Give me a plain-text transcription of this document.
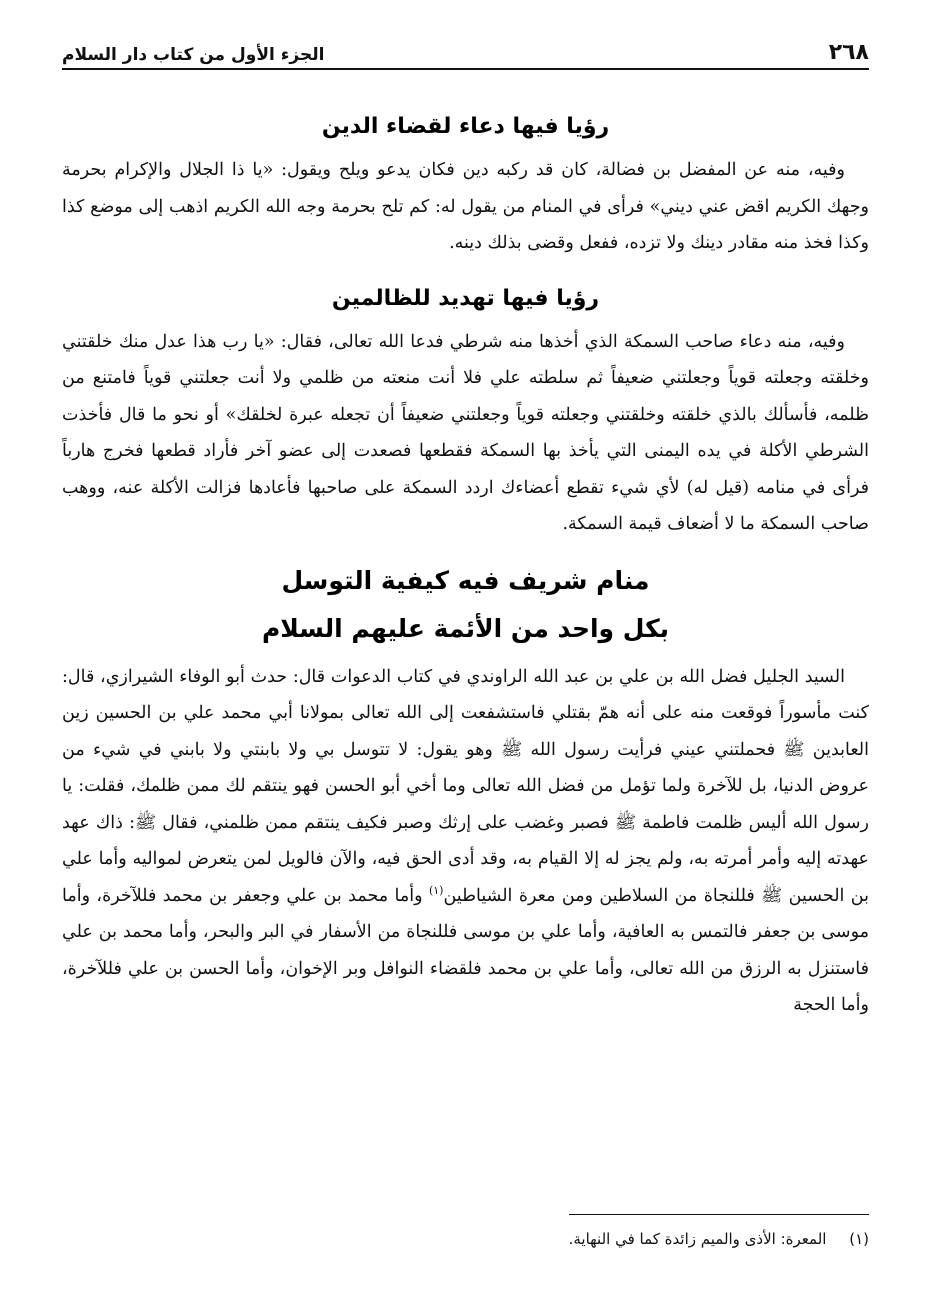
٢٦٨
الجزء الأول من كتاب دار السلام
رؤيا فيها دعاء لقضاء الدين

وفيه، منه عن المفضل بن فضالة، كان قد ركبه دين فكان يدعو ويلح ويقول: «يا ذا الجلال والإكرام بحرمة وجهك الكريم اقض عني ديني» فرأى في المنام من يقول له: كم تلح بحرمة وجه الله الكريم اذهب إلى موضع كذا وكذا فخذ منه مقادر دينك ولا تزده، ففعل وقضى بذلك دينه.

رؤيا فيها تهديد للظالمين

وفيه، منه دعاء صاحب السمكة الذي أخذها منه شرطي فدعا الله تعالى، فقال: «يا رب هذا عدل منك خلقتني وخلقته وجعلته قوياً وجعلتني ضعيفاً ثم سلطته علي فلا أنت منعته من ظلمي ولا أنت جعلتني قوياً فامتنع من ظلمه، فأسألك بالذي خلقته وخلقتني وجعلته قوياً وجعلتني ضعيفاً أن تجعله عبرة لخلقك» أو نحو ما قال فأخذت الشرطي الأكلة في يده اليمنى التي يأخذ بها السمكة فقطعها فصعدت إلى عضو آخر فأراد قطعها فخرج هارباً فرأى في منامه (قيل له) لأي شيء تقطع أعضاءك اردد السمكة على صاحبها فأعادها فزالت الأكلة عنه، ووهب صاحب السمكة ما لا أضعاف قيمة السمكة.

منام شريف فيه كيفية التوسل
بكل واحد من الأئمة عليهم السلام

السيد الجليل فضل الله بن علي بن عبد الله الراوندي في كتاب الدعوات قال: حدث أبو الوفاء الشيرازي، قال: كنت مأسوراً فوقعت منه على أنه همّ بقتلي فاستشفعت إلى الله تعالى بمولانا أبي محمد علي بن الحسين زين العابدين ﷺ فحملتني عيني فرأيت رسول الله ﷺ وهو يقول: لا تتوسل بي ولا بابنتي ولا بابني في شيء من عروض الدنيا، بل للآخرة ولما تؤمل من فضل الله تعالى وما أخي أبو الحسن فهو ينتقم لك ممن ظلمك، فقلت: يا رسول الله أليس ظلمت فاطمة ﷺ فصبر وغضب على إرثك وصبر فكيف ينتقم ممن ظلمني، فقال ﷺ: ذاك عهد عهدته إليه وأمر أمرته به، ولم يجز له إلا القيام به، وقد أدى الحق فيه، والآن فالويل لمن يتعرض لمواليه وأما علي بن الحسين ﷺ فللنجاة من السلاطين ومن معرة الشياطين$^{(١)}$ وأما محمد بن علي وجعفر بن محمد فللآخرة، وأما موسى بن جعفر فالتمس به العافية، وأما علي بن موسى فللنجاة من الأسفار في البر والبحر، وأما محمد بن علي فاستنزل به الرزق من الله تعالى، وأما علي بن محمد فلقضاء النوافل وبر الإخوان، وأما الحسن بن علي فللآخرة، وأما الحجة

(١) المعرة: الأذى والميم زائدة كما في النهاية.
